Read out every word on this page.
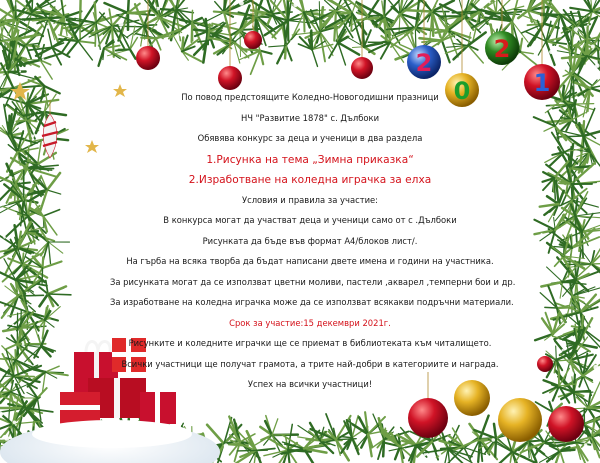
2
0
2
1

По повод предстоящите Коледно-Новогодишни празници

НЧ "Развитие 1878" с. Дълбоки

Обявява конкурс за деца и ученици в два раздела

1.Рисунка на тема „Зимна приказка“

2.Изработване на коледна играчка за елха

Условия и правила за участие:

В конкурса могат да участват деца и ученици само от с .Дълбоки

Рисунката да бъде във формат А4/блоков лист/.

На гърба на всяка творба да бъдат написани двете имена и години на участника.

За рисунката могат да се използват цветни моливи, пастели ,акварел ,темперни бои и др.

За изработване на коледна играчка може да се използват всякакви подръчни материали.

Срок за участие:15 декември 2021г.

Рисунките и коледните играчки ще се приемат в библиотеката към читалището.

Всички участници ще получат грамота, а трите най-добри в категориите и награда.

Успех на всички участници!
